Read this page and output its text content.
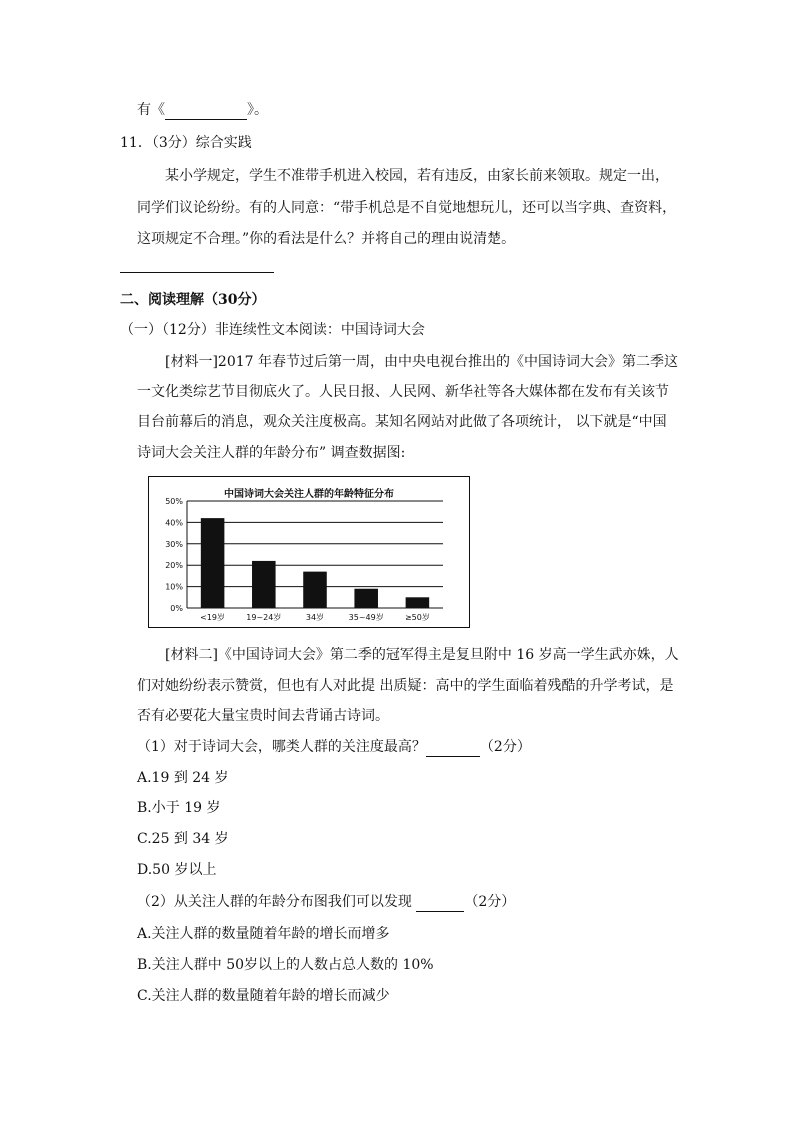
有《	》。
11．（3分）综合实践
某小学规定，学生不准带手机进入校园，若有违反，由家长前来领取。规定一出，
同学们议论纷纷。有的人同意：“带手机总是不自觉地想玩儿，还可以当字典、查资料，
这项规定不合理。”你的看法是什么？并将自己的理由说清楚。
二、阅读理解（30分）
（一）（12分）非连续性文本阅读：中国诗词大会
[材料一]2017 年春节过后第一周，由中央电视台推出的《中国诗词大会》第二季这
一文化类综艺节目彻底火了。人民日报、人民网、新华社等各大媒体都在发布有关该节
目台前幕后的消息，观众关注度极高。某知名网站对此做了各项统计， 以下就是“中国
诗词大会关注人群的年龄分布” 调查数据图:
中国诗词大会关注人群的年龄特征分布
0%
10%
20%
30%
40%
50%
<19岁	19~24岁	34岁	35~49岁	≥50岁
[材料二]《中国诗词大会》第二季的冠军得主是复旦附中 16 岁高一学生武亦姝，人
们对她纷纷表示赞赏，但也有人对此提 出质疑：高中的学生面临着残酷的升学考试，是
否有必要花大量宝贵时间去背诵古诗词。
（1）对于诗词大会，哪类人群的关注度最高？	（2分）
A.19 到 24 岁
B.小于 19 岁
C.25 到 34 岁
D.50 岁以上
（2）从关注人群的年龄分布图我们可以发现	（2分）
A.关注人群的数量随着年龄的增长而增多
B.关注人群中 50岁以上的人数占总人数的 10%
C.关注人群的数量随着年龄的增长而减少
